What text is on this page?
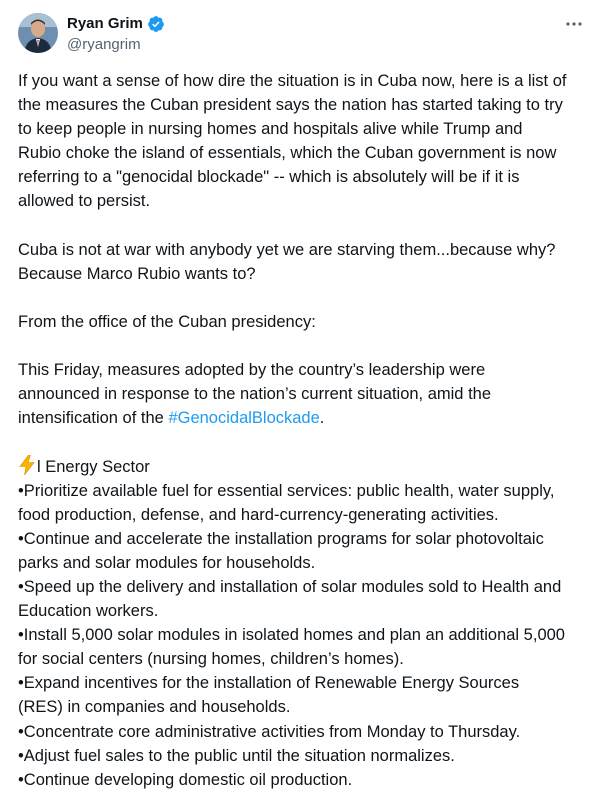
Ryan Grim
@ryangrim
If you want a sense of how dire the situation is in Cuba now, here is a list of
the measures the Cuban president says the nation has started taking to try
to keep people in nursing homes and hospitals alive while Trump and
Rubio choke the island of essentials, which the Cuban government is now
referring to a "genocidal blockade" -- which is absolutely will be if it is
allowed to persist.
Cuba is not at war with anybody yet we are starving them...because why?
Because Marco Rubio wants to?
From the office of the Cuban presidency:
This Friday, measures adopted by the country’s leadership were
announced in response to the nation’s current situation, amid the
intensification of the #GenocidalBlockade.
l Energy Sector
•Prioritize available fuel for essential services: public health, water supply,
food production, defense, and hard-currency-generating activities.
•Continue and accelerate the installation programs for solar photovoltaic
parks and solar modules for households.
•Speed up the delivery and installation of solar modules sold to Health and
Education workers.
•Install 5,000 solar modules in isolated homes and plan an additional 5,000
for social centers (nursing homes, children’s homes).
•Expand incentives for the installation of Renewable Energy Sources
(RES) in companies and households.
•Concentrate core administrative activities from Monday to Thursday.
•Adjust fuel sales to the public until the situation normalizes.
•Continue developing domestic oil production.
